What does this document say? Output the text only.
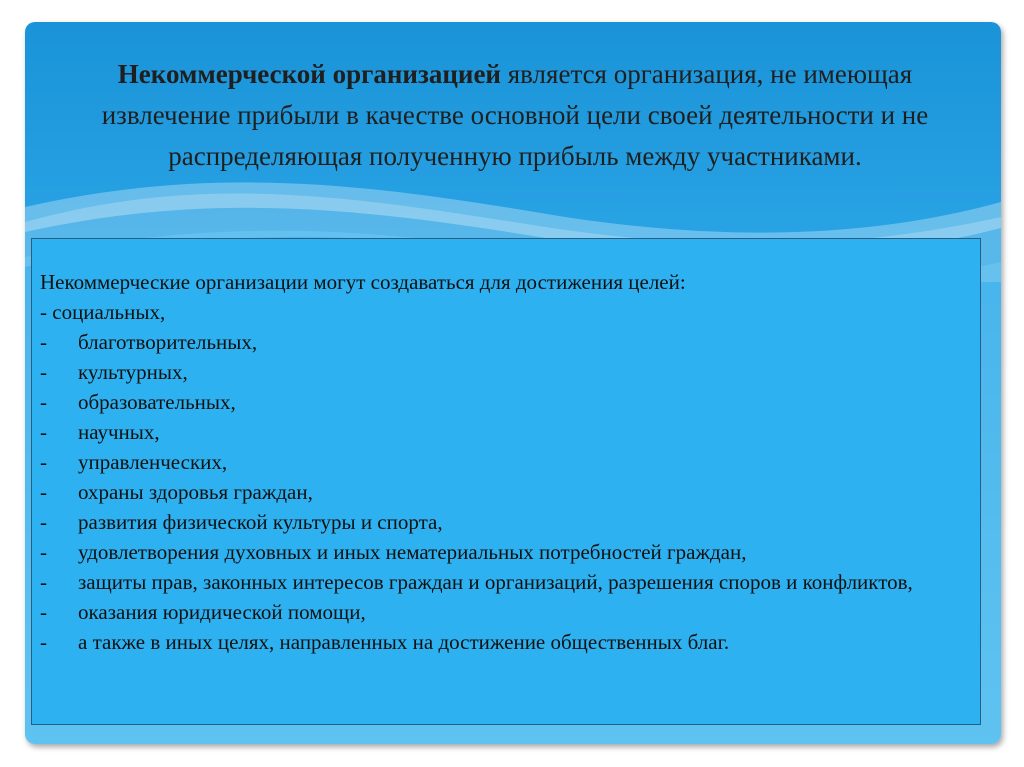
Некоммерческой организацией является организация, не имеющая извлечение прибыли в качестве основной цели своей деятельности и не распределяющая полученную прибыль между участниками.

Некоммерческие организации могут создаваться для достижения целей:
- социальных,
-	благотворительных,
-	культурных,
-	образовательных,
-	научных,
-	управленческих,
-	охраны здоровья граждан,
-	развития физической культуры и спорта,
-	удовлетворения духовных и иных нематериальных потребностей граждан,
-	защиты прав, законных интересов граждан и организаций, разрешения споров и конфликтов,
-	оказания юридической помощи,
-	а также в иных целях, направленных на достижение общественных благ.
